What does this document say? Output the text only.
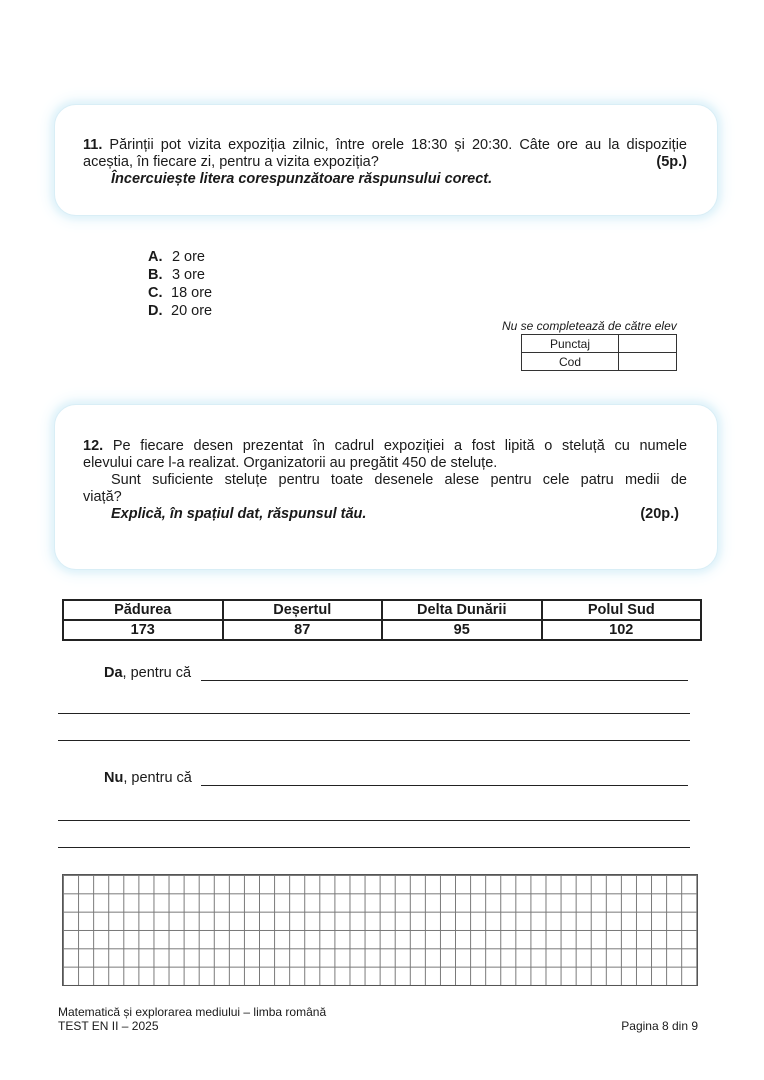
11. Părinții pot vizita expoziția zilnic, între orele 18:30 și 20:30. Câte ore au la dispoziție
aceștia, în fiecare zi, pentru a vizita expoziția?	(5p.)
Încercuiește litera corespunzătoare răspunsului corect.
A. 2 ore
B. 3 ore
C. 18 ore
D. 20 ore
Nu se completează de către elev
Punctaj	
Cod	
12. Pe fiecare desen prezentat în cadrul expoziției a fost lipită o steluță cu numele
elevului care l-a realizat. Organizatorii au pregătit 450 de steluțe.
Sunt suficiente steluțe pentru toate desenele alese pentru cele patru medii de
viață?
Explică, în spațiul dat, răspunsul tău.	(20p.)
Pădurea	Deșertul	Delta Dunării	Polul Sud
173	87	95	102
Da , pentru că
Nu , pentru că
Matematică și explorarea mediului – limba română
TEST EN II – 2025	Pagina 8 din 9
